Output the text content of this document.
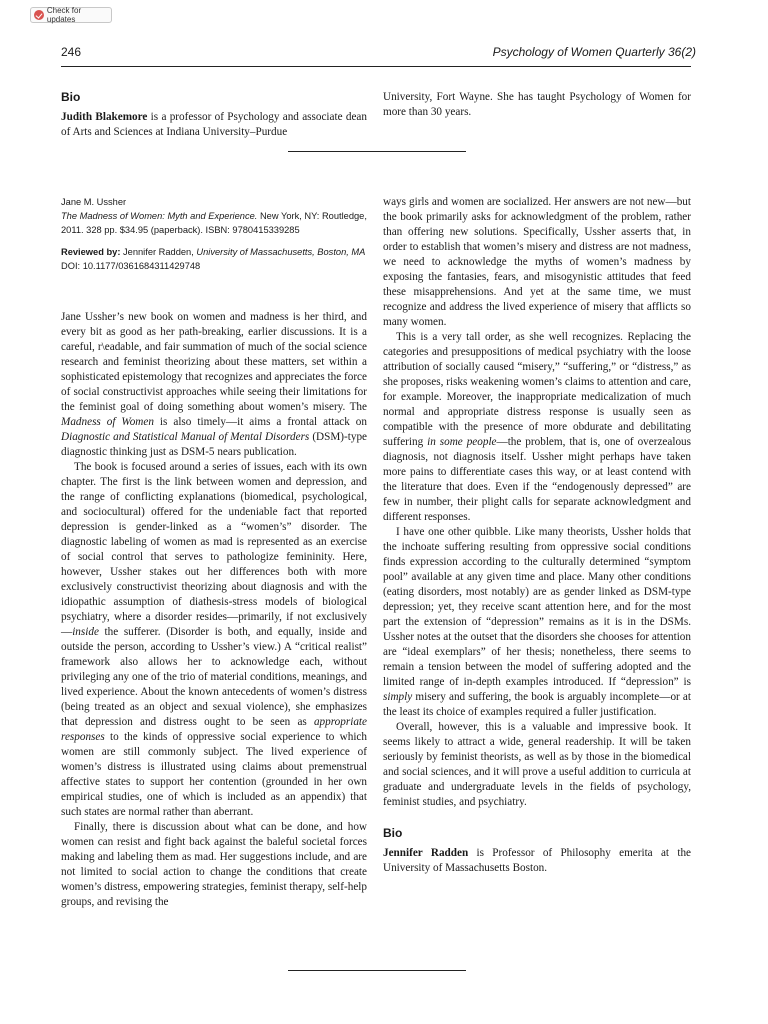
Check for updates
246	Psychology of Women Quarterly 36(2)
Bio

Judith Blakemore is a professor of Psychology and associate dean of Arts and Sciences at Indiana University–Purdue

University, Fort Wayne. She has taught Psychology of Women for more than 30 years.

Jane M. Ussher
The Madness of Women: Myth and Experience. New York, NY: Routledge, 2011. 328 pp. $34.95 (paperback). ISBN: 9780415339285
Reviewed by: Jennifer Radden, University of Massachusetts, Boston, MA
DOI: 10.1177/0361684311429748

Jane Ussher’s new book on women and madness is her third, and every bit as good as her path-breaking, earlier discussions. It is a careful, r\eadable, and fair summation of much of the social science research and feminist theorizing about these matters, set within a sophisticated epistemology that recognizes and appreciates the force of social constructivist approaches while seeing their limitations for the feminist goal of doing something about women’s misery. The Madness of Women is also timely—it aims a frontal attack on Diagnostic and Statistical Manual of Mental Disorders (DSM)-type diagnostic thinking just as DSM-5 nears publication.

The book is focused around a series of issues, each with its own chapter. The first is the link between women and depression, and the range of conflicting explanations (biomedical, psychological, and sociocultural) offered for the undeniable fact that reported depression is gender-linked as a “women’s” disorder. The diagnostic labeling of women as mad is represented as an exercise of social control that serves to pathologize femininity. Here, however, Ussher stakes out her differences both with more exclusively constructivist theorizing about diagnosis and with the idiopathic assumption of diathesis-stress models of biological psychiatry, where a disorder resides—primarily, if not exclusively—inside the sufferer. (Disorder is both, and equally, inside and outside the person, according to Ussher’s view.) A “critical realist” framework also allows her to acknowledge each, without privileging any one of the trio of material conditions, meanings, and lived experience. About the known antecedents of women’s distress (being treated as an object and sexual violence), she emphasizes that depression and distress ought to be seen as appropriate responses to the kinds of oppressive social experience to which women are still commonly subject. The lived experience of women’s distress is illustrated using claims about premenstrual affective states to support her contention (grounded in her own empirical studies, one of which is included as an appendix) that such states are normal rather than aberrant.

Finally, there is discussion about what can be done, and how women can resist and fight back against the baleful societal forces making and labeling them as mad. Her suggestions include, and are not limited to social action to change the conditions that create women’s distress, empowering strategies, feminist therapy, self-help groups, and revising the

ways girls and women are socialized. Her answers are not new—but the book primarily asks for acknowledgment of the problem, rather than offering new solutions. Specifically, Ussher asserts that, in order to establish that women’s misery and distress are not madness, we need to acknowledge the myths of women’s madness by exposing the fantasies, fears, and misogynistic attitudes that feed these misapprehensions. And yet at the same time, we must recognize and address the lived experience of misery that afflicts so many women.

This is a very tall order, as she well recognizes. Replacing the categories and presuppositions of medical psychiatry with the loose attribution of socially caused “misery,” “suffering,” or “distress,” as she proposes, risks weakening women’s claims to attention and care, for example. Moreover, the inappropriate medicalization of much normal and appropriate distress response is usually seen as compatible with the presence of more obdurate and debilitating suffering in some people—the problem, that is, one of overzealous diagnosis, not diagnosis itself. Ussher might perhaps have taken more pains to differentiate cases this way, or at least contend with the literature that does. Even if the “endogenously depressed” are few in number, their plight calls for separate acknowledgment and different responses.

I have one other quibble. Like many theorists, Ussher holds that the inchoate suffering resulting from oppressive social conditions finds expression according to the culturally determined “symptom pool” available at any given time and place. Many other conditions (eating disorders, most notably) are as gender linked as DSM-type depression; yet, they receive scant attention here, and for the most part the extension of “depression” remains as it is in the DSMs. Ussher notes at the outset that the disorders she chooses for attention are “ideal exemplars” of her thesis; nonetheless, there seems to remain a tension between the model of suffering adopted and the limited range of in-depth examples introduced. If “depression” is simply misery and suffering, the book is arguably incomplete—or at the least its choice of examples required a fuller justification.

Overall, however, this is a valuable and impressive book. It seems likely to attract a wide, general readership. It will be taken seriously by feminist theorists, as well as by those in the biomedical and social sciences, and it will prove a useful addition to curricula at graduate and undergraduate levels in the fields of psychology, feminist studies, and psychiatry.

Bio

Jennifer Radden is Professor of Philosophy emerita at the University of Massachusetts Boston.
